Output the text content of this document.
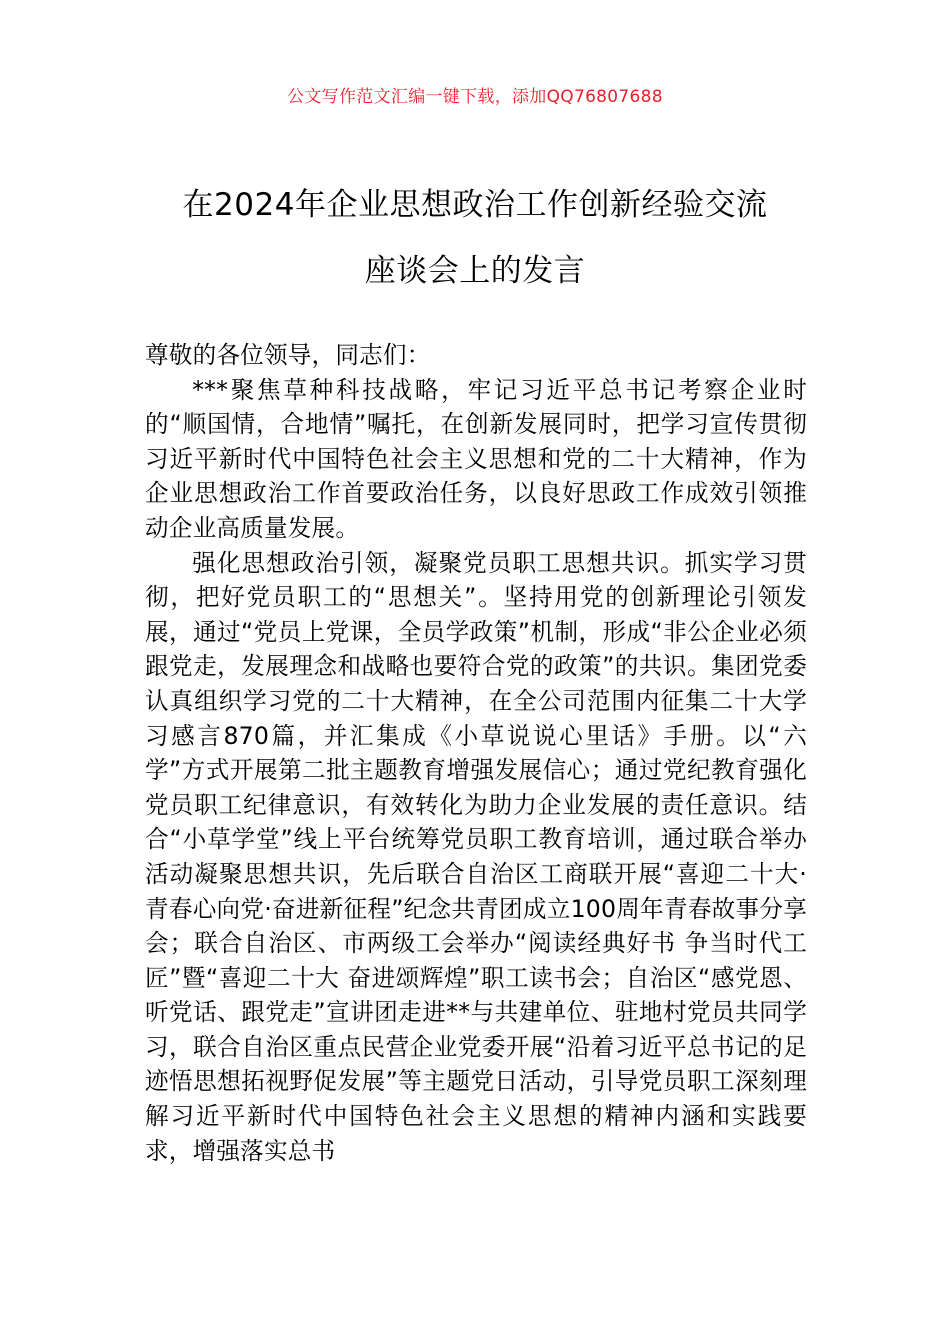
公文写作范文汇编一键下载，添加QQ76807688
在2024年企业思想政治工作创新经验交流
座谈会上的发言

尊敬的各位领导，同志们：

***聚焦草种科技战略，牢记习近平总书记考察企业时的“顺国情，合地情”嘱托，在创新发展同时，把学习宣传贯彻习近平新时代中国特色社会主义思想和党的二十大精神，作为企业思想政治工作首要政治任务，以良好思政工作成效引领推动企业高质量发展。

强化思想政治引领，凝聚党员职工思想共识。抓实学习贯彻，把好党员职工的“思想关”。坚持用党的创新理论引领发展，通过“党员上党课，全员学政策”机制，形成“非公企业必须跟党走，发展理念和战略也要符合党的政策”的共识。集团党委认真组织学习党的二十大精神，在全公司范围内征集二十大学习感言870篇，并汇集成《小草说说心里话》手册。以“六学”方式开展第二批主题教育增强发展信心；通过党纪教育强化党员职工纪律意识，有效转化为助力企业发展的责任意识。结合“小草学堂”线上平台统筹党员职工教育培训，通过联合举办活动凝聚思想共识，先后联合自治区工商联开展“喜迎二十大·青春心向党·奋进新征程”纪念共青团成立100周年青春故事分享会；联合自治区、市两级工会举办“阅读经典好书 争当时代工匠”暨“喜迎二十大 奋进颂辉煌”职工读书会；自治区“感党恩、听党话、跟党走”宣讲团走进**与共建单位、驻地村党员共同学习，联合自治区重点民营企业党委开展“沿着习近平总书记的足迹悟思想拓视野促发展”等主题党日活动，引导党员职工深刻理解习近平新时代中国特色社会主义思想的精神内涵和实践要求，增强落实总书
